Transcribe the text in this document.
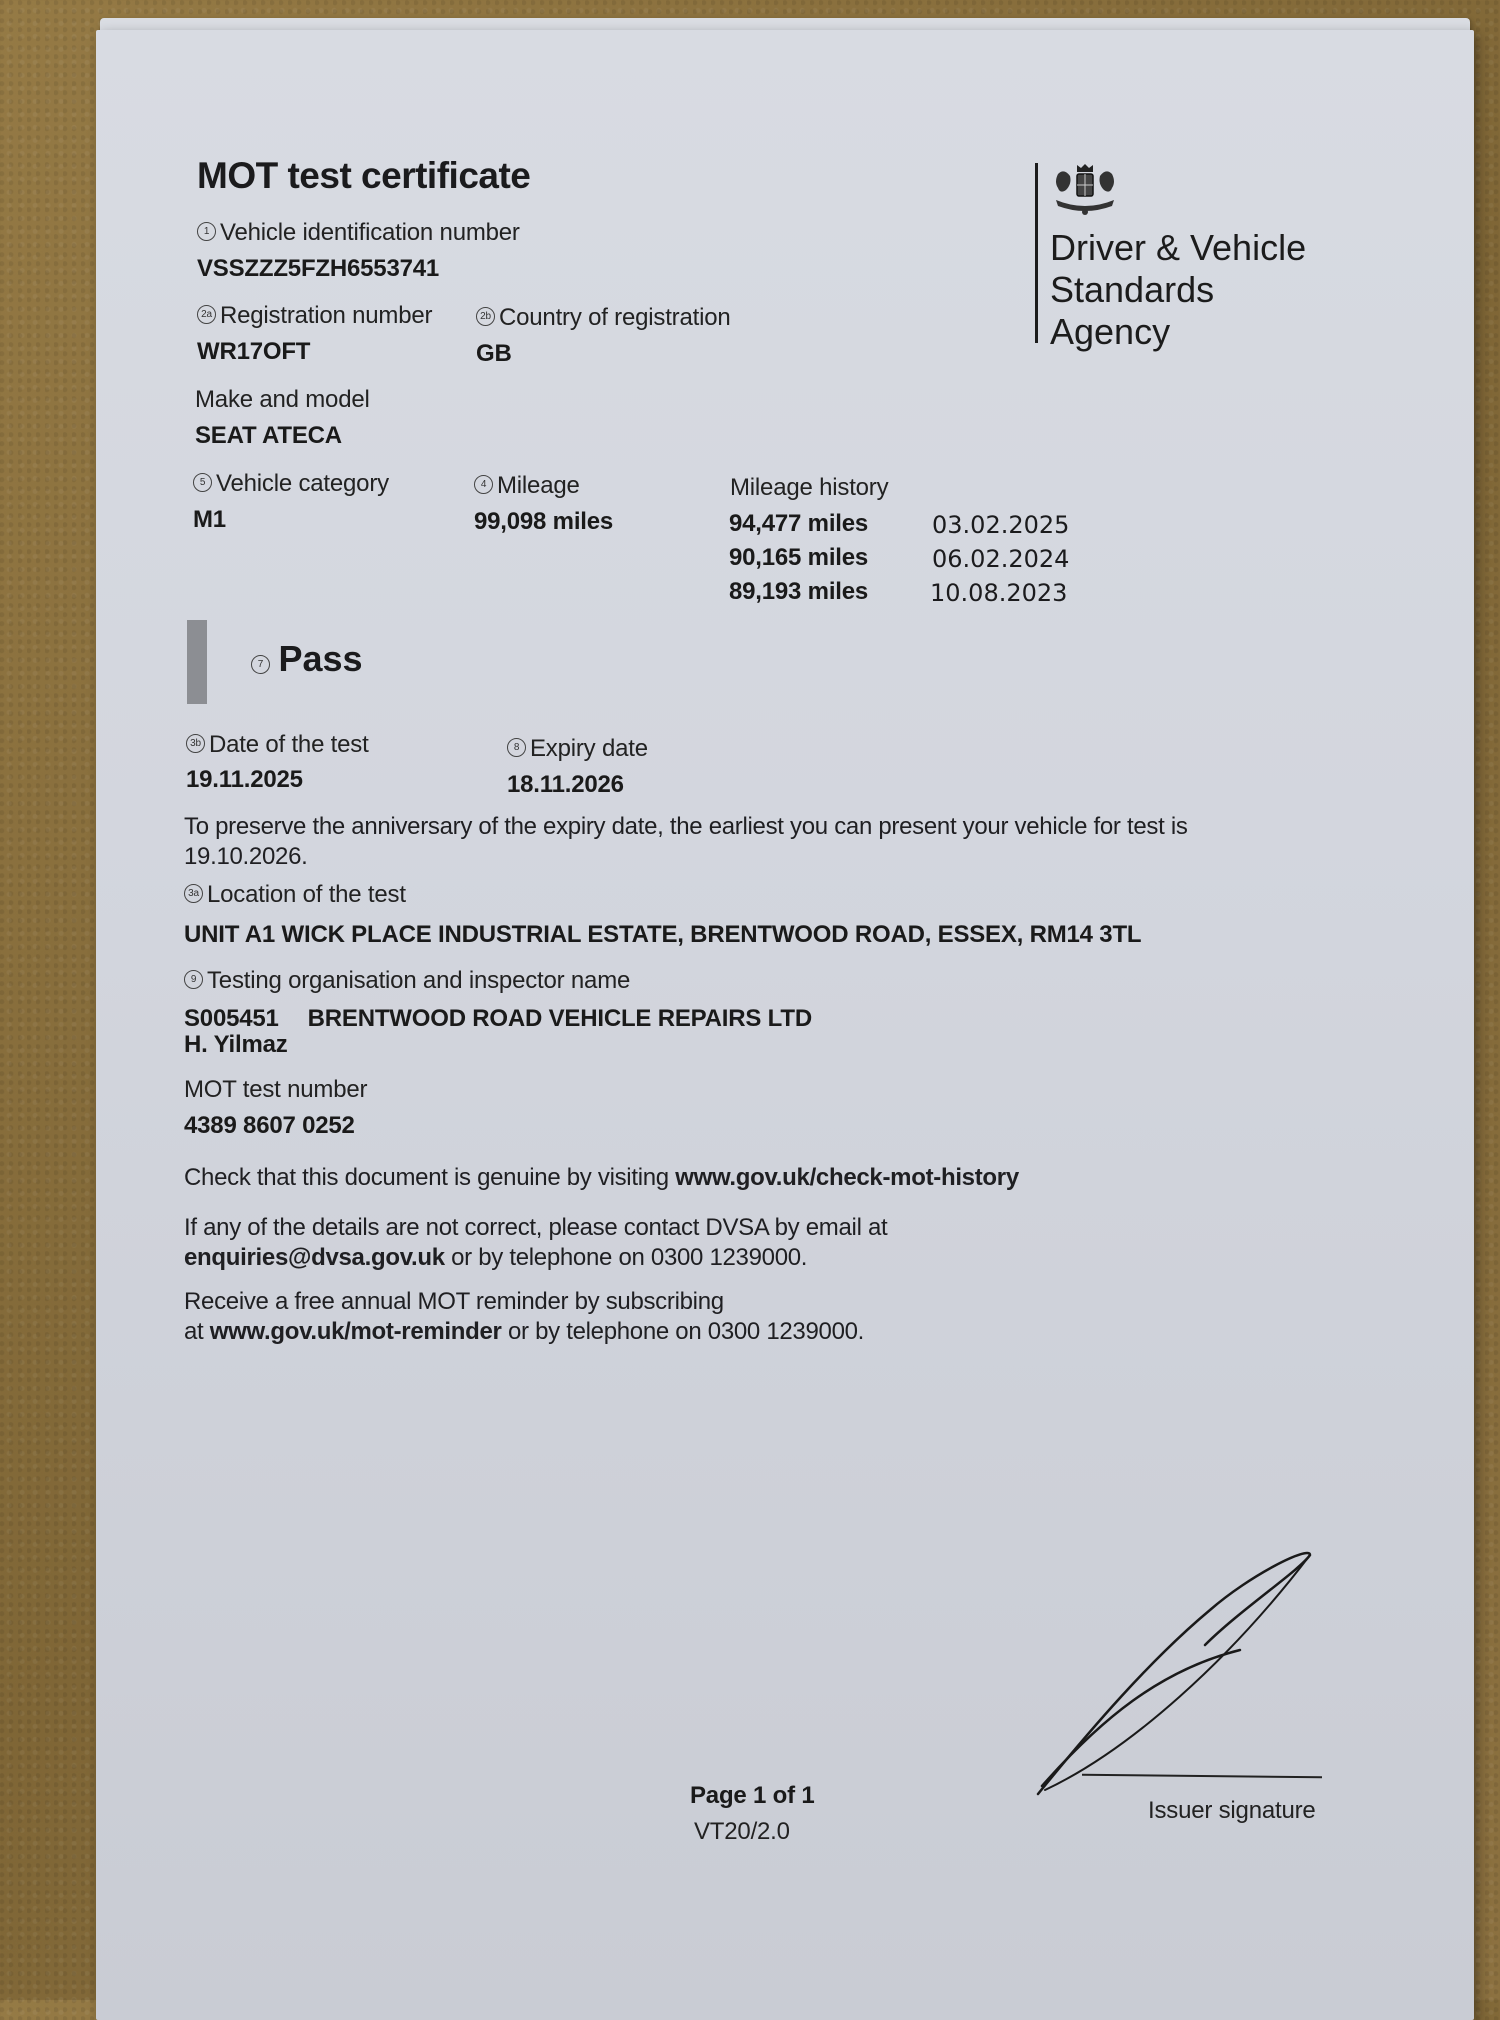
MOT test certificate
Driver & Vehicle
Standards
Agency
1 Vehicle identification number
VSSZZZ5FZH6553741
2a Registration number
WR17OFT
2b Country of registration
GB
Make and model
SEAT ATECA
5 Vehicle category
M1
4 Mileage
99,098 miles
Mileage history
94,477 miles	03.02.2025
90,165 miles	06.02.2024
89,193 miles	10.08.2023
7 Pass
3b Date of the test
19.11.2025
8 Expiry date
18.11.2026
To preserve the anniversary of the expiry date, the earliest you can present your vehicle for test is
19.10.2026.
3a Location of the test
UNIT A1 WICK PLACE INDUSTRIAL ESTATE, BRENTWOOD ROAD, ESSEX, RM14 3TL
9 Testing organisation and inspector name
S005451 BRENTWOOD ROAD VEHICLE REPAIRS LTD
H. Yilmaz
MOT test number
4389 8607 0252
Check that this document is genuine by visiting www.gov.uk/check-mot-history
If any of the details are not correct, please contact DVSA by email at
enquiries@dvsa.gov.uk or by telephone on 0300 1239000.
Receive a free annual MOT reminder by subscribing
at www.gov.uk/mot-reminder or by telephone on 0300 1239000.
Issuer signature
Page 1 of 1
VT20/2.0
